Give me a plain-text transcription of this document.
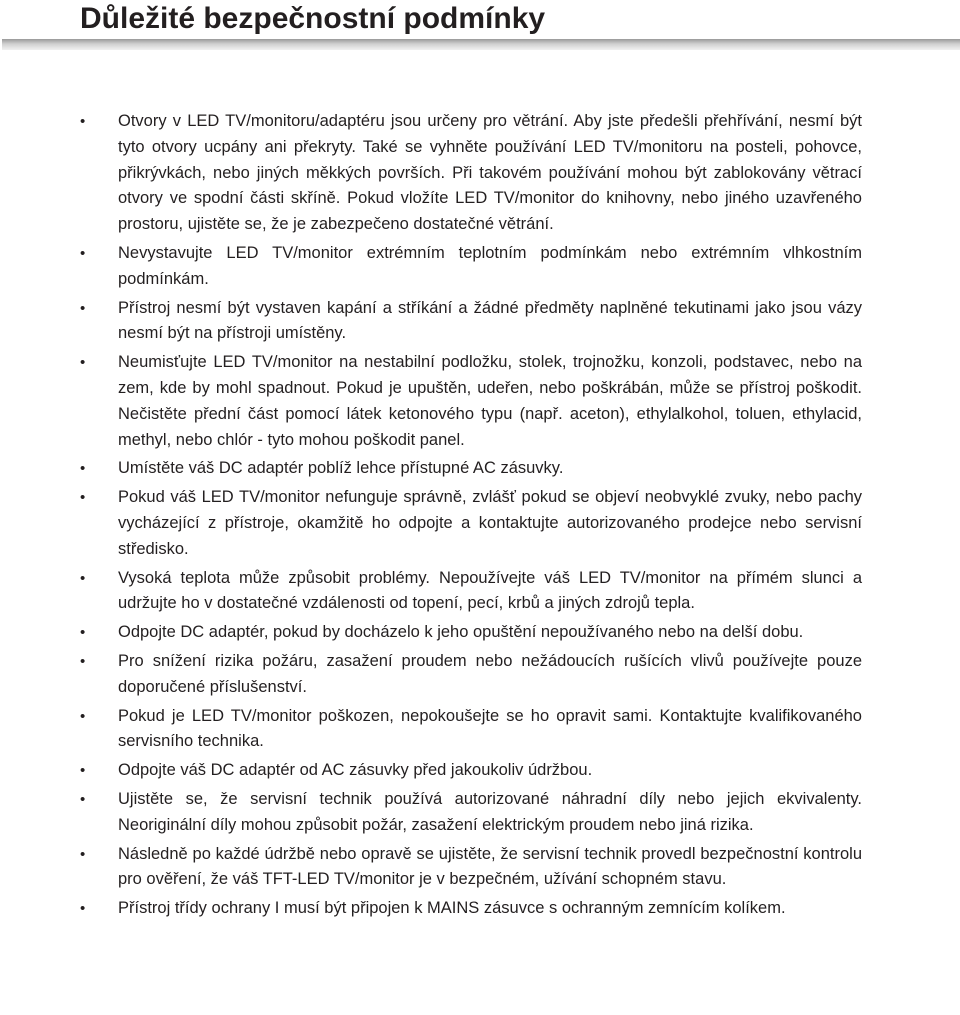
Důležité bezpečnostní podmínky
•	Otvory v LED TV/monitoru/adaptéru jsou určeny pro větrání. Aby jste předešli přehřívání, nesmí být tyto otvory ucpány ani překryty. Také se vyhněte používání LED TV/monitoru na posteli, pohovce, přikrývkách, nebo jiných měkkých površích. Při takovém používání mohou být zablokovány větrací otvory ve spodní části skříně. Pokud vložíte LED TV/monitor do knihovny, nebo jiného uzavřeného prostoru, ujistěte se, že je zabezpečeno dostatečné větrání.
•	Nevystavujte LED TV/monitor extrémním teplotním podmínkám nebo extrémním vlhkostním podmínkám.
•	Přístroj nesmí být vystaven kapání a stříkání a žádné předměty naplněné tekutinami jako jsou vázy nesmí být na přístroji umístěny.
•	Neumisťujte LED TV/monitor na nestabilní podložku, stolek, trojnožku, konzoli, podstavec, nebo na zem, kde by mohl spadnout. Pokud je upuštěn, udeřen, nebo poškrábán, může se přístroj poškodit. Nečistěte přední část pomocí látek ketonového typu (např. aceton), ethylalkohol, toluen, ethylacid, methyl, nebo chlór - tyto mohou poškodit panel.
•	Umístěte váš DC adaptér poblíž lehce přístupné AC zásuvky.
•	Pokud váš LED TV/monitor nefunguje správně, zvlášť pokud se objeví neobvyklé zvuky, nebo pachy vycházející z přístroje, okamžitě ho odpojte a kontaktujte autorizovaného prodejce nebo servisní středisko.
•	Vysoká teplota může způsobit problémy. Nepoužívejte váš LED TV/monitor na přímém slunci a udržujte ho v dostatečné vzdálenosti od topení, pecí, krbů a jiných zdrojů tepla.
•	Odpojte DC adaptér, pokud by docházelo k jeho opuštění nepoužívaného nebo na delší dobu.
•	Pro snížení rizika požáru, zasažení proudem nebo nežádoucích rušících vlivů používejte pouze doporučené příslušenství.
•	Pokud je LED TV/monitor poškozen, nepokoušejte se ho opravit sami. Kontaktujte kvalifikovaného servisního technika.
•	Odpojte váš DC adaptér od AC zásuvky před jakoukoliv údržbou.
•	Ujistěte se, že servisní technik používá autorizované náhradní díly nebo jejich ekvivalenty. Neoriginální díly mohou způsobit požár, zasažení elektrickým proudem nebo jiná rizika.
•	Následně po každé údržbě nebo opravě se ujistěte, že servisní technik provedl bezpečnostní kontrolu pro ověření, že váš TFT-LED TV/monitor je v bezpečném, užívání schopném stavu.
•	Přístroj třídy ochrany I musí být připojen k MAINS zásuvce s ochranným zemnícím kolíkem.
